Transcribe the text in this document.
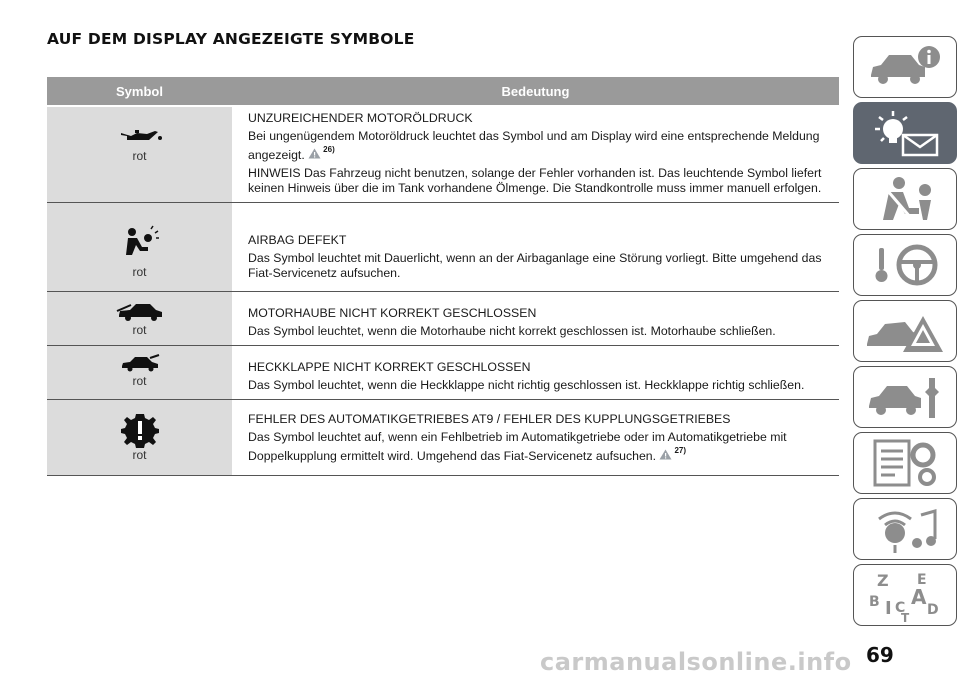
AUF DEM DISPLAY ANGEZEIGTE SYMBOLE
Symbol	Bedeutung

rot	UNZUREICHENDER MOTORÖLDRUCK

Bei ungenügendem Motoröldruck leuchtet das Symbol und am Display wird eine entsprechende Meldung angezeigt. 26)

HINWEIS Das Fahrzeug nicht benutzen, solange der Fehler vorhanden ist. Das leuchtende Symbol liefert keinen Hinweis über die im Tank vorhandene Ölmenge. Die Standkontrolle muss immer manuell erfolgen.

rot	AIRBAG DEFEKT

Das Symbol leuchtet mit Dauerlicht, wenn an der Airbaganlage eine Störung vorliegt. Bitte umgehend das Fiat-Servicenetz aufsuchen.

rot	MOTORHAUBE NICHT KORREKT GESCHLOSSEN

Das Symbol leuchtet, wenn die Motorhaube nicht korrekt geschlossen ist. Motorhaube schließen.

rot	HECKKLAPPE NICHT KORREKT GESCHLOSSEN

Das Symbol leuchtet, wenn die Heckklappe nicht richtig geschlossen ist. Heckklappe richtig schließen.

rot	FEHLER DES AUTOMATIKGETRIEBES AT9 / FEHLER DES KUPPLUNGSGETRIEBES

Das Symbol leuchtet auf, wenn ein Fehlbetrieb im Automatikgetriebe oder im Automatikgetriebe mit Doppelkupplung ermittelt wird. Umgehend das Fiat-Servicenetz aufsuchen. 27)

Z E
B A
I C D
T
69
carmanualsonline.info
